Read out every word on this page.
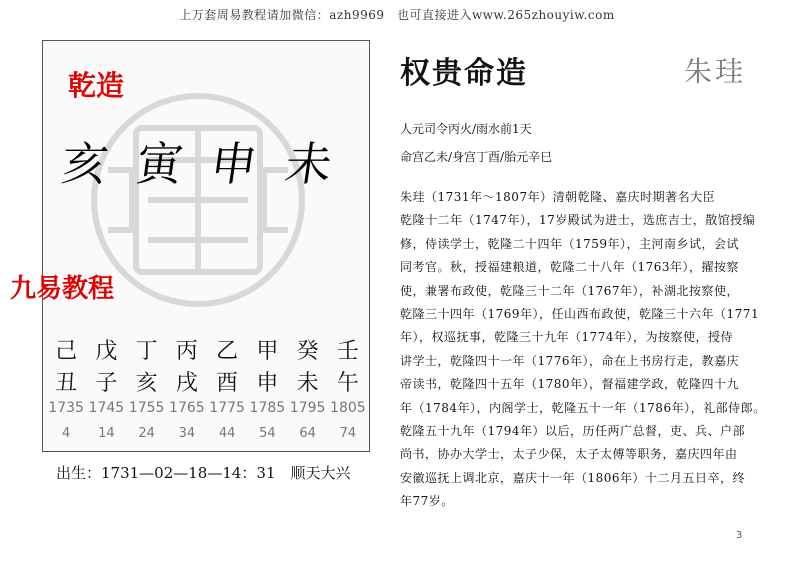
上万套周易教程请加微信：azh9969　也可直接进入www.265zhouyiw.com
乾造
亥 寅 申 未
九易教程
己 戊 丁 丙 乙 甲 癸 壬
丑 子 亥 戌 酉 申 未 午
1735 1745 1755 1765 1775 1785 1795 1805
4	14	24	34	44	54	64	74
出生：1731—02—18—14：31　顺天大兴
权贵命造	朱珪
人元司令丙火/雨水前1天
命宫乙未/身宫丁酉/胎元辛巳

朱珪（1731年～1807年）清朝乾隆、嘉庆时期著名大臣

乾隆十二年（1747年），17岁殿试为进士，选庶吉士，散馆授编

修，侍读学士，乾隆二十四年（1759年），主河南乡试，会试

同考官。秋，授福建粮道，乾隆二十八年（1763年），擢按察

使，兼署布政使，乾隆三十二年（1767年），补湖北按察使，

乾隆三十四年（1769年），任山西布政使，乾隆三十六年（1771

年），权巡抚事，乾隆三十九年（1774年），为按察使，授侍

讲学士，乾隆四十一年（1776年），命在上书房行走，教嘉庆

帝读书，乾隆四十五年（1780年），督福建学政，乾隆四十九

年（1784年），内阁学士，乾隆五十一年（1786年），礼部侍郎。

乾隆五十九年（1794年）以后，历任两广总督，吏、兵、户部

尚书，协办大学士，太子少保，太子太傅等职务，嘉庆四年由

安徽巡抚上调北京，嘉庆十一年（1806年）十二月五日卒，终

年77岁。

3
